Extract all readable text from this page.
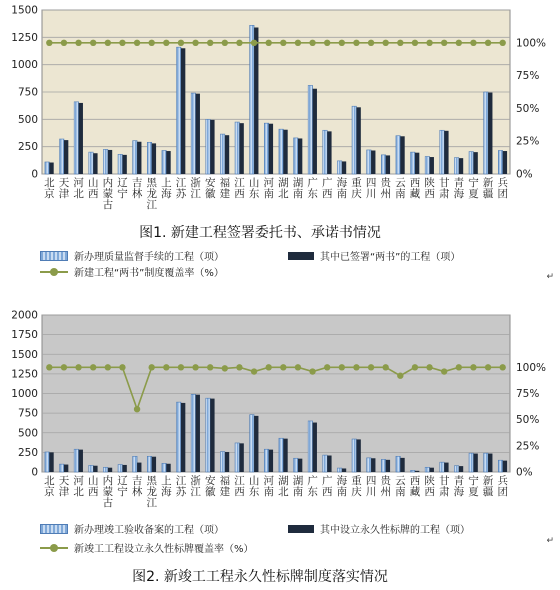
0
250
500
750
1000
1250
1500
0%
25%
50%
75%
100%
北京
天津
河北
山西
内蒙古
辽宁
吉林
黑龙江
上海
江苏
浙江
安徽
福建
江西
山东
河南
湖北
湖南
广东
广西
海南
重庆
四川
贵州
云南
西藏
陕西
甘肃
青海
宁夏
新疆
兵团
新办理质量监督手续的工程（项）	其中已签署“两书”的工程（项）
新建工程“两书”制度覆盖率（%）
图1. 新建工程签署委托书、承诺书情况
↵
0
250
500
750
1000
1250
1500
1750
2000
0%
25%
50%
75%
100%
北京
天津
河北
山西
内蒙古
辽宁
吉林
黑龙江
上海
江苏
浙江
安徽
福建
江西
山东
河南
湖北
湖南
广东
广西
海南
重庆
四川
贵州
云南
西藏
陕西
甘肃
青海
宁夏
新疆
兵团
新办理竣工验收备案的工程（项）	其中设立永久性标牌的工程（项）
新竣工工程设立永久性标牌覆盖率（%）
↵
图2. 新竣工工程永久性标牌制度落实情况
